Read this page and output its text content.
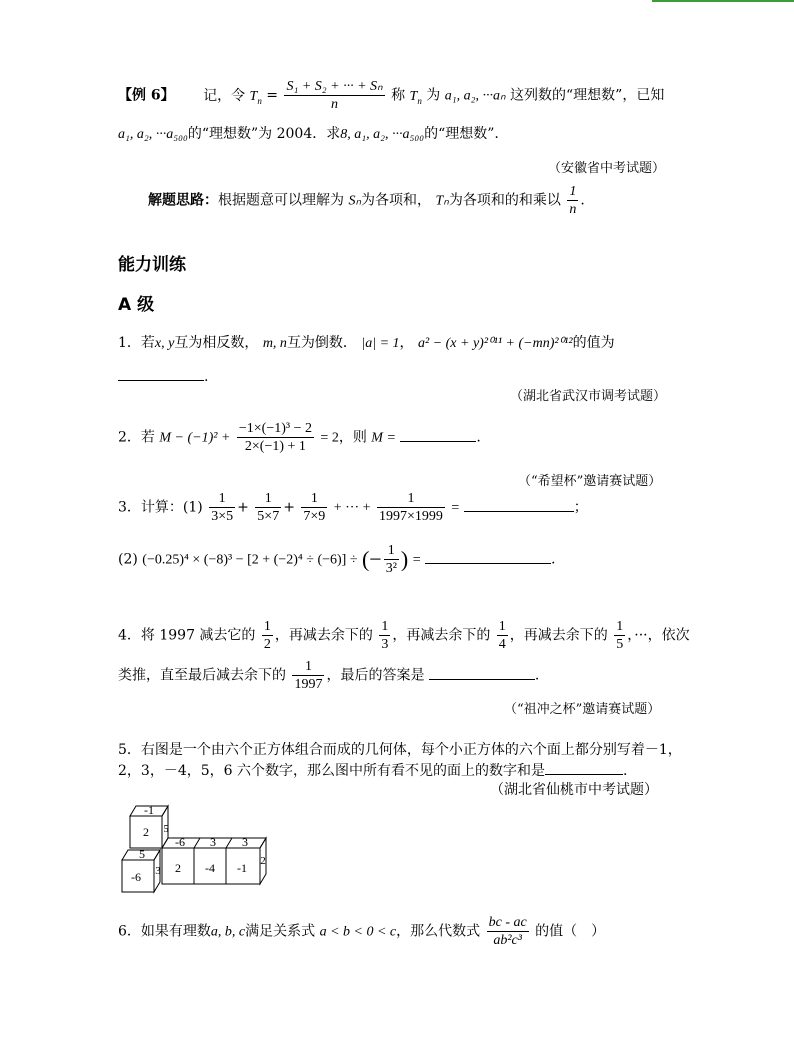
【例 6】 记，令 $T_n = \frac{\text{S₁ + S₂ + ··· + Sₙ}}{n}$ 称 $T_n$ 为 a₁, a₂, ···aₙ 这列数的“理想数”，已知
a₁, a₂, ···a₅₀₀的“理想数”为 2004．求8, a₁, a₂, ···a₅₀₀的“理想数”.
（安徽省中考试题）
解题思路：根据题意可以理解为 Sₙ为各项和， Tₙ为各项和的和乘以 $\frac{1}{n}$ .
能力训练
A 级
1．若x, y互为相反数， m, n互为倒数． |a| = 1， a² − (x + y)²⁰¹¹ + (−mn)²⁰¹²的值为
.
（湖北省武汉市调考试题）
2．若 $M - (-1)^2 + \frac{\text{−1×(−1)³ − 2}}{2\times(-1) + 1} = 2$，则 M =	.
（“希望杯”邀请赛试题）
3．计算：$(1) \frac{1}{3\times 5} + \frac{1}{5\times 7} + \frac{1}{7\times 9}$ + ··· + $\frac{1}{1997\times 1999}$ =	；
(2) (−0.25)⁴ × (−8)³ − [2 + (−2)⁴ ÷ (−6)] ÷ (− $\frac{1}{\text{3²}}$ ) =	.
4．将 1997 减去它的 $\frac{1}{2}$ ，再减去余下的 $\frac{1}{3}$ ，再减去余下的 $\frac{1}{4}$ ，再减去余下的 $\frac{1}{5}$ ，···，依次
类推，直至最后减去余下的 $\frac{1}{1997}$ ，最后的答案是	.
（“祖冲之杯”邀请赛试题）
5．右图是一个由六个正方体组合而成的几何体，每个小正方体的六个面上都分别写着－1，
2，3，－4，5，6 六个数字，那么图中所有看不见的面上的数字和是	.
（湖北省仙桃市中考试题）
-1
2 5
-6 3 3
5
-6 3 2 -4 -1 2
6．如果有理数a, b, c满足关系式 a < b < 0 < c，那么代数式 $\frac{bc - ac}{\text{ab²c³}}$ 的值（　）
